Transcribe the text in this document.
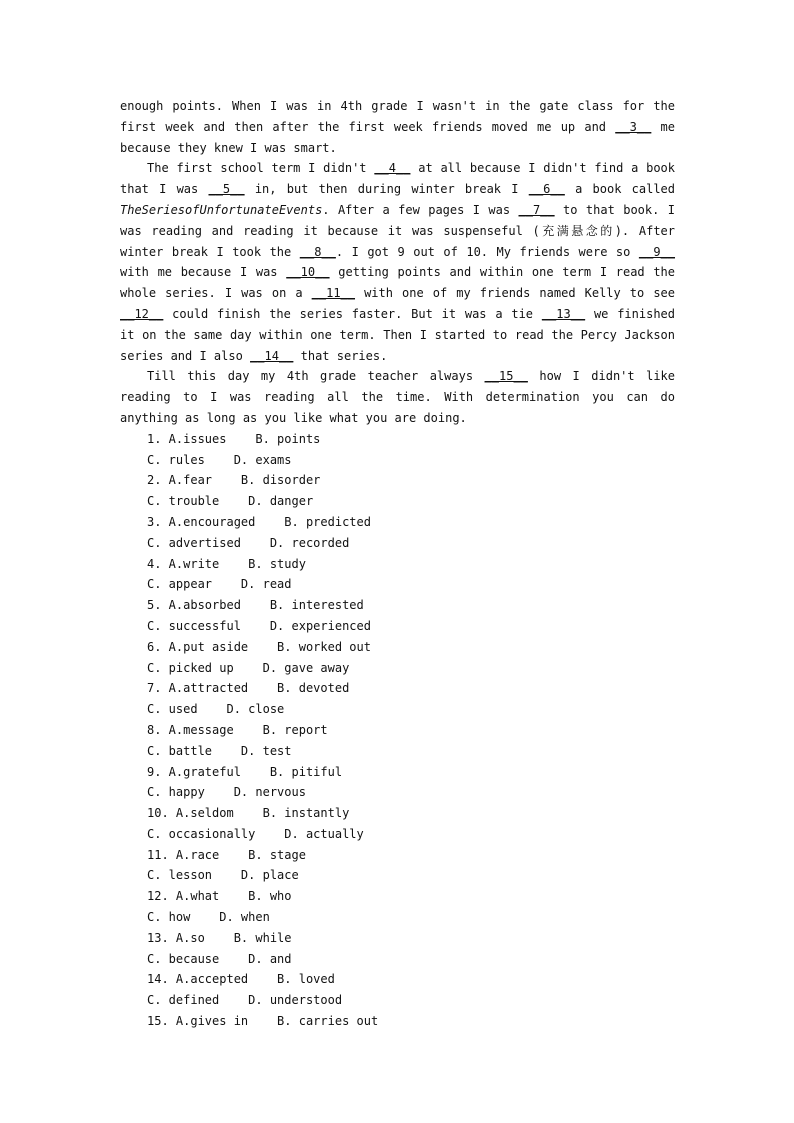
enough points. When I was in 4th grade I wasn't in the gate class for the first week and then after the first week friends moved me up and __3__ me because they knew I was smart.

The first school term I didn't __4__ at all because I didn't find a book that I was __5__ in, but then during winter break I __6__ a book called TheSeriesofUnfortunateEvents. After a few pages I was __7__ to that book. I was reading and reading it because it was suspenseful (充满悬念的). After winter break I took the __8__. I got 9 out of 10. My friends were so __9__ with me because I was __10__ getting points and within one term I read the whole series. I was on a __11__ with one of my friends named Kelly to see __12__ could finish the series faster. But it was a tie __13__ we finished it on the same day within one term. Then I started to read the Percy Jackson series and I also __14__ that series.

Till this day my 4th grade teacher always __15__ how I didn't like reading to I was reading all the time. With determination you can do anything as long as you like what you are doing.

1. A.issues    B. points

C. rules    D. exams

2. A.fear    B. disorder

C. trouble    D. danger

3. A.encouraged    B. predicted

C. advertised    D. recorded

4. A.write    B. study

C. appear    D. read

5. A.absorbed    B. interested

C. successful    D. experienced

6. A.put aside    B. worked out

C. picked up    D. gave away

7. A.attracted    B. devoted

C. used    D. close

8. A.message    B. report

C. battle    D. test

9. A.grateful    B. pitiful

C. happy    D. nervous

10. A.seldom    B. instantly

C. occasionally    D. actually

11. A.race    B. stage

C. lesson    D. place

12. A.what    B. who

C. how    D. when

13. A.so    B. while

C. because    D. and

14. A.accepted    B. loved

C. defined    D. understood

15. A.gives in    B. carries out
